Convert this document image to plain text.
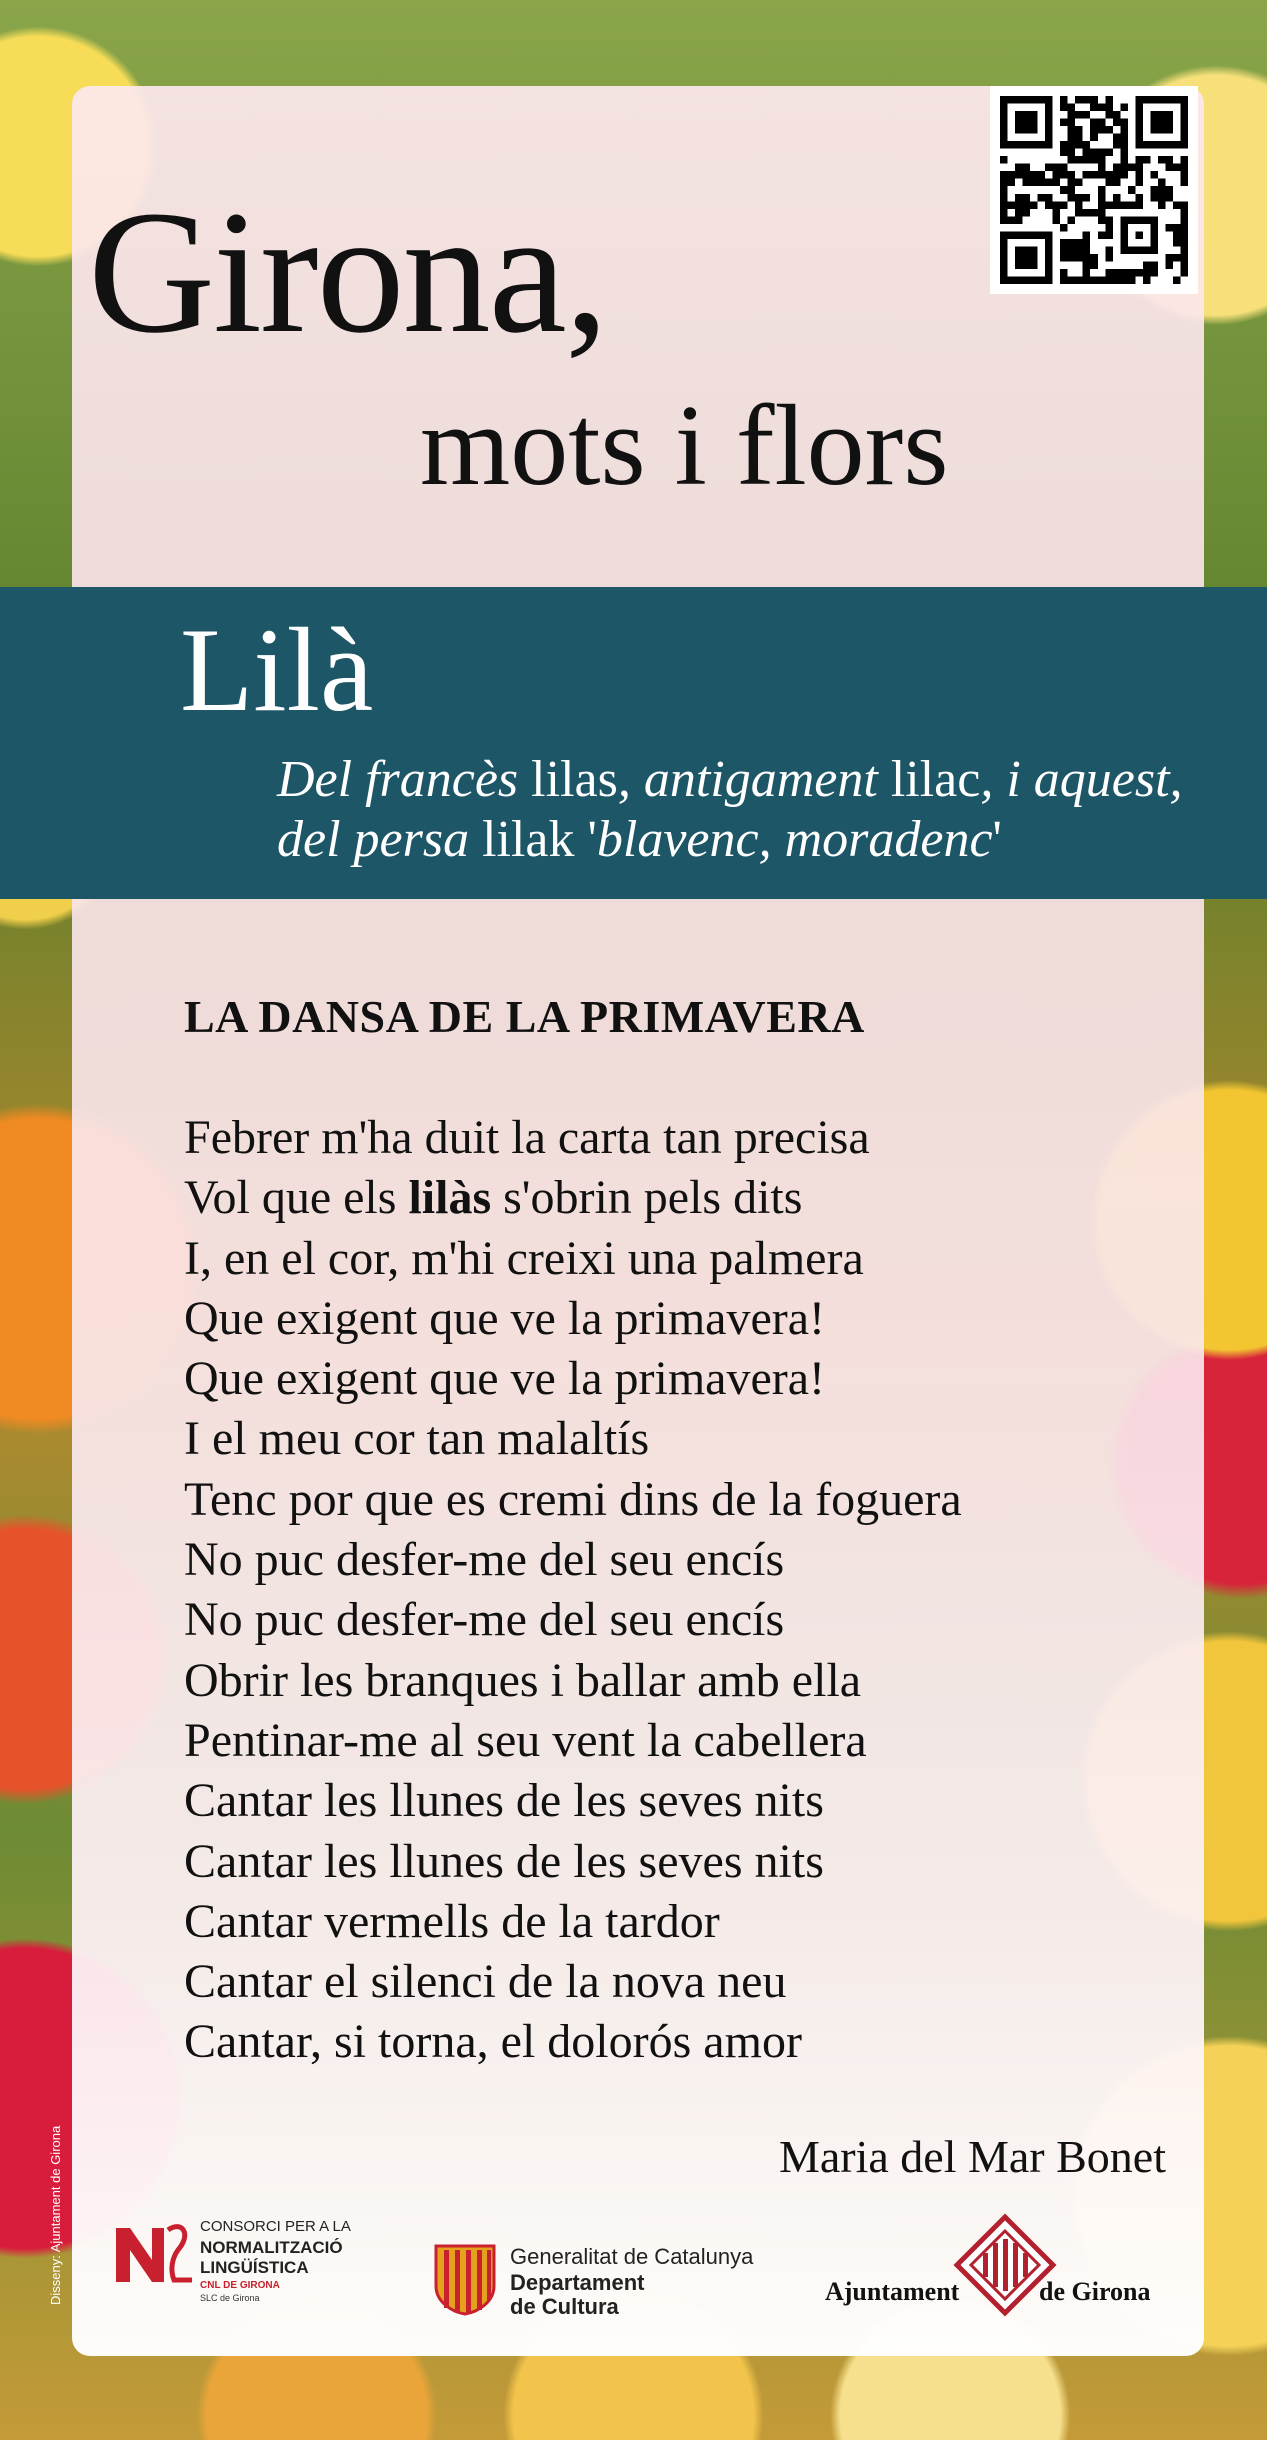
Girona,
mots i flors
Lilà
Del francès lilas, antigament lilac, i aquest, del persa lilak 'blavenc, moradenc'
LA DANSA DE LA PRIMAVERA
Febrer m'ha duit la carta tan precisa
Vol que els lilàs s'obrin pels dits
I, en el cor, m'hi creixi una palmera
Que exigent que ve la primavera!
Que exigent que ve la primavera!
I el meu cor tan malaltís
Tenc por que es cremi dins de la foguera
No puc desfer-me del seu encís
No puc desfer-me del seu encís
Obrir les branques i ballar amb ella
Pentinar-me al seu vent la cabellera
Cantar les llunes de les seves nits
Cantar les llunes de les seves nits
Cantar vermells de la tardor
Cantar el silenci de la nova neu
Cantar, si torna, el dolorós amor
Maria del Mar Bonet
Disseny: Ajuntament de Girona	CONSORCI PER A LA
NORMALITZACIÓ
LINGÜÍSTICA
CNL DE GIRONA
SLC de Girona
Generalitat de Catalunya
Departament
de Cultura
Ajuntament	de Girona
